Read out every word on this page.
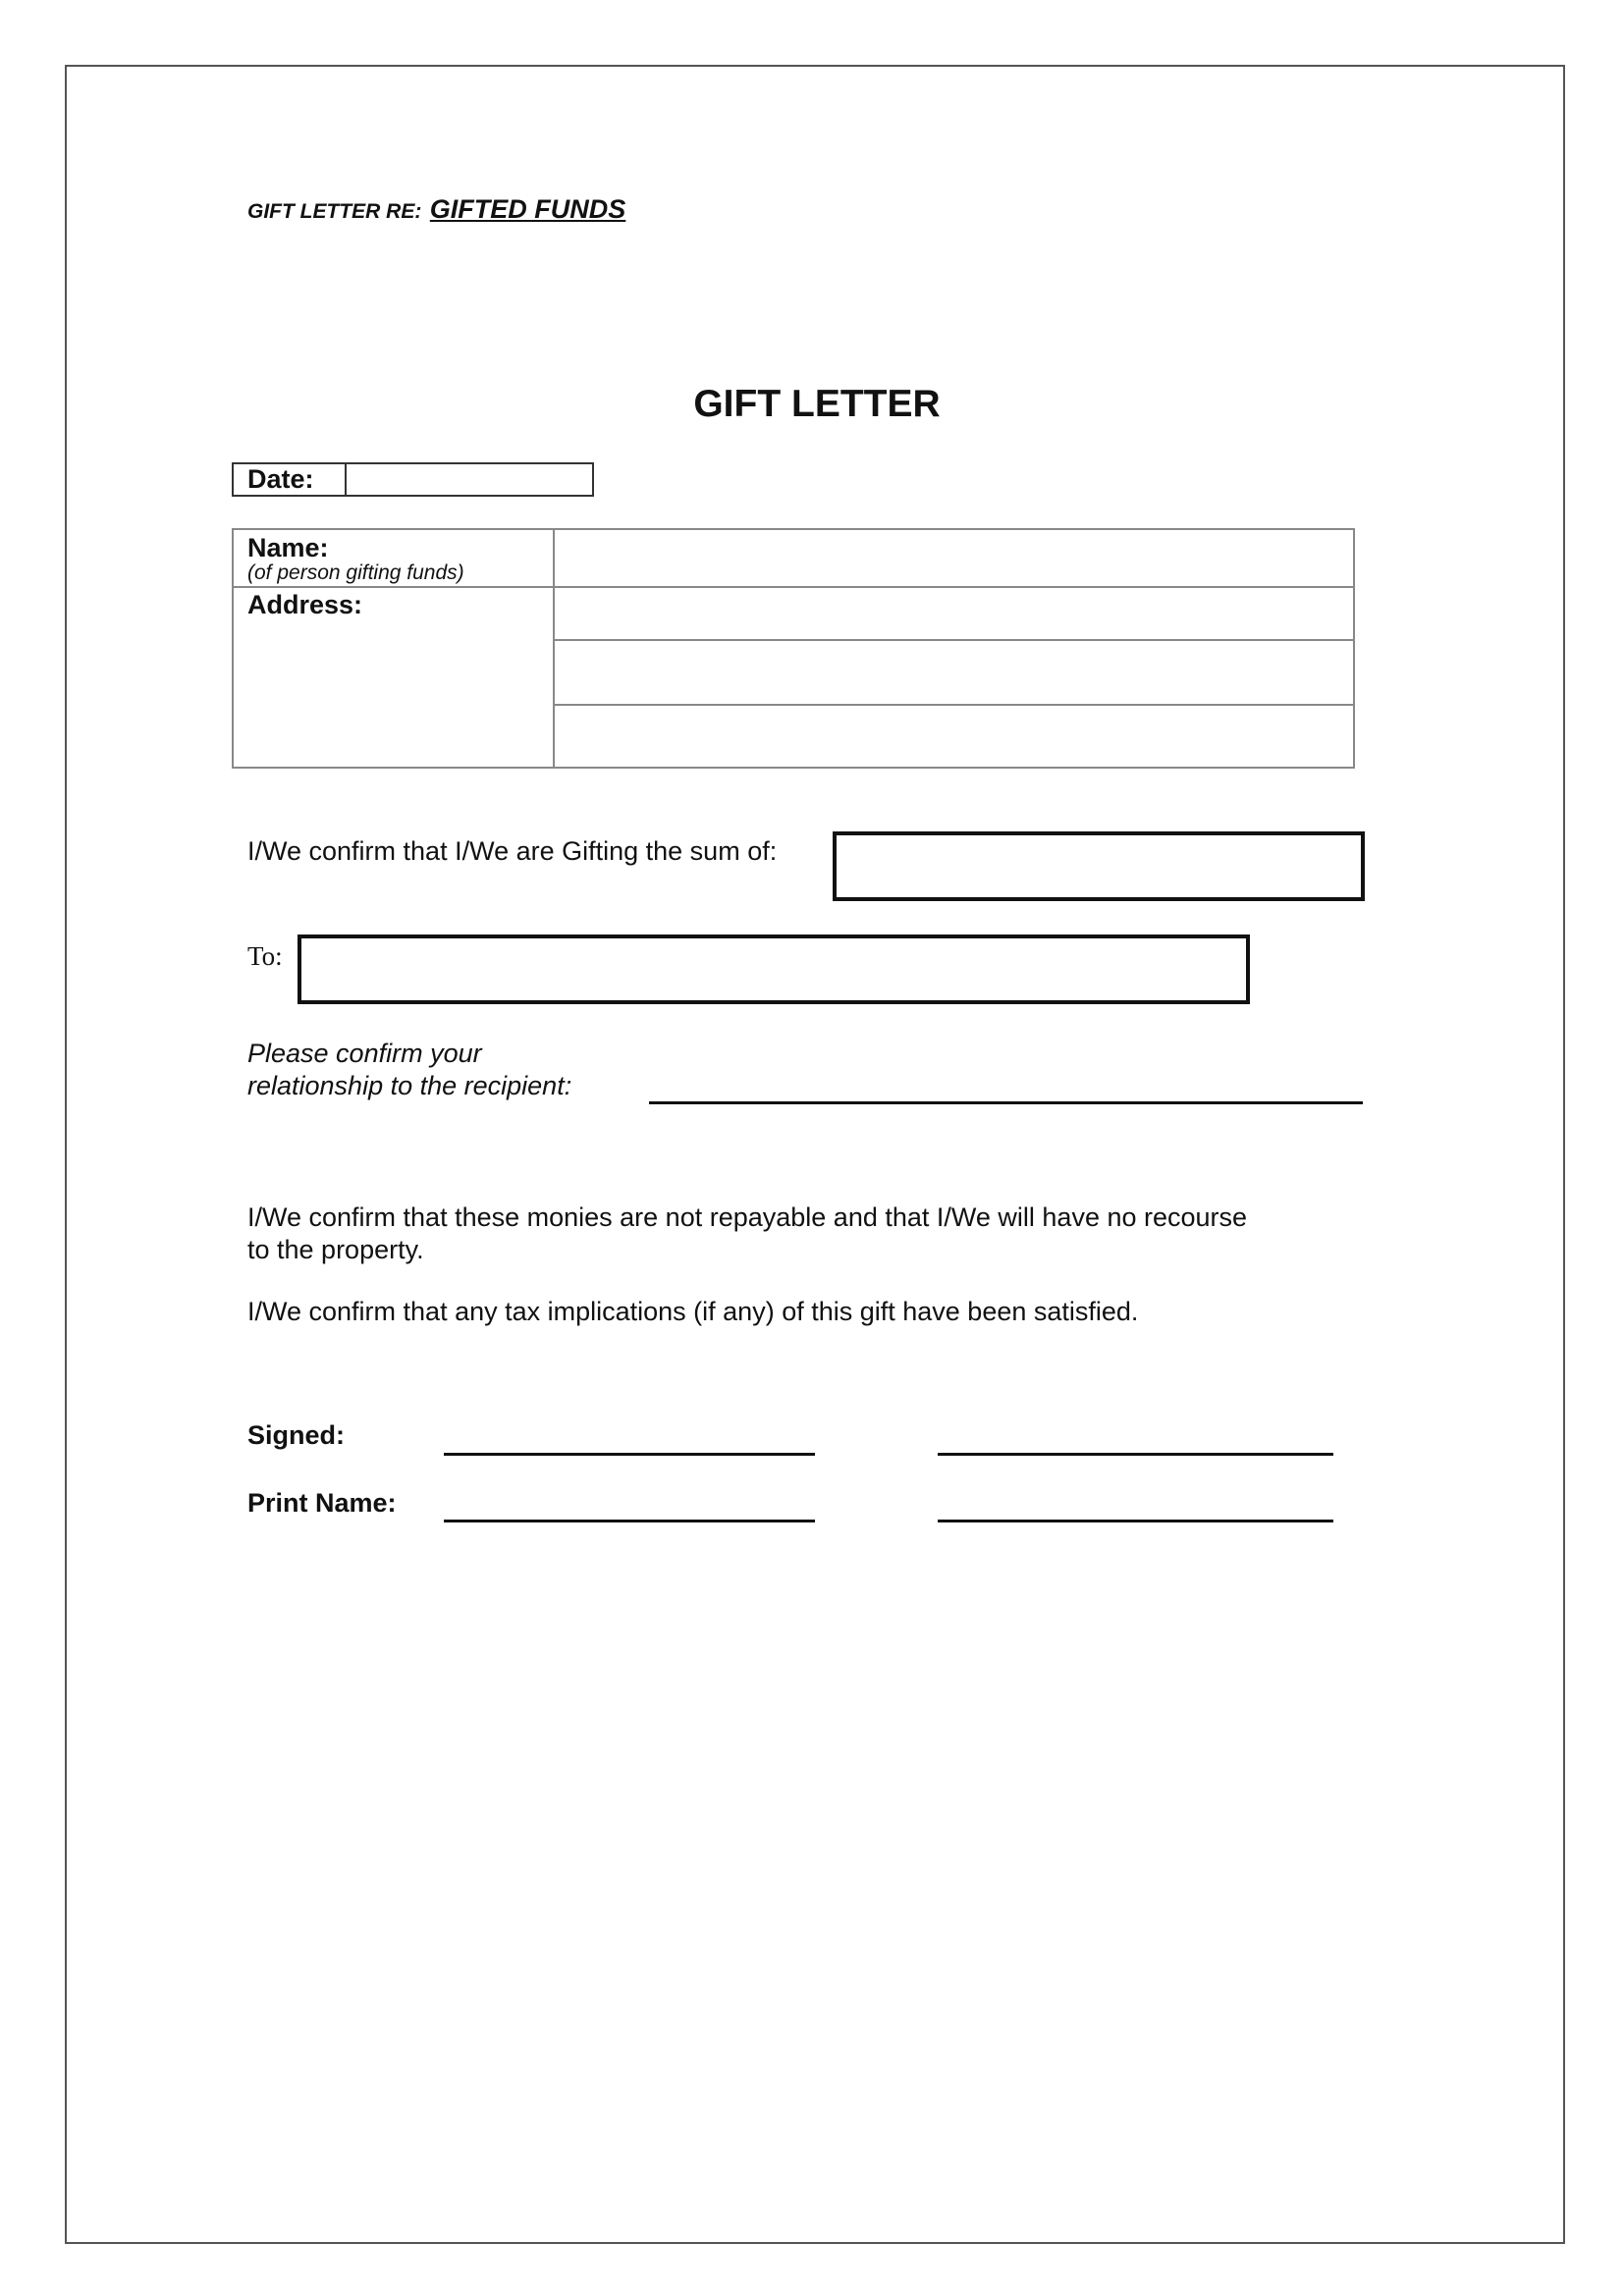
GIFT LETTER RE: GIFTED FUNDS
GIFT LETTER
Date:
Name:
(of person gifting funds)
Address:
I/We confirm that I/We are Gifting the sum of:
To:
Please confirm your
relationship to the recipient:
I/We confirm that these monies are not repayable and that I/We will have no recourse
to the property.
I/We confirm that any tax implications (if any) of this gift have been satisfied.
Signed:
Print Name:
